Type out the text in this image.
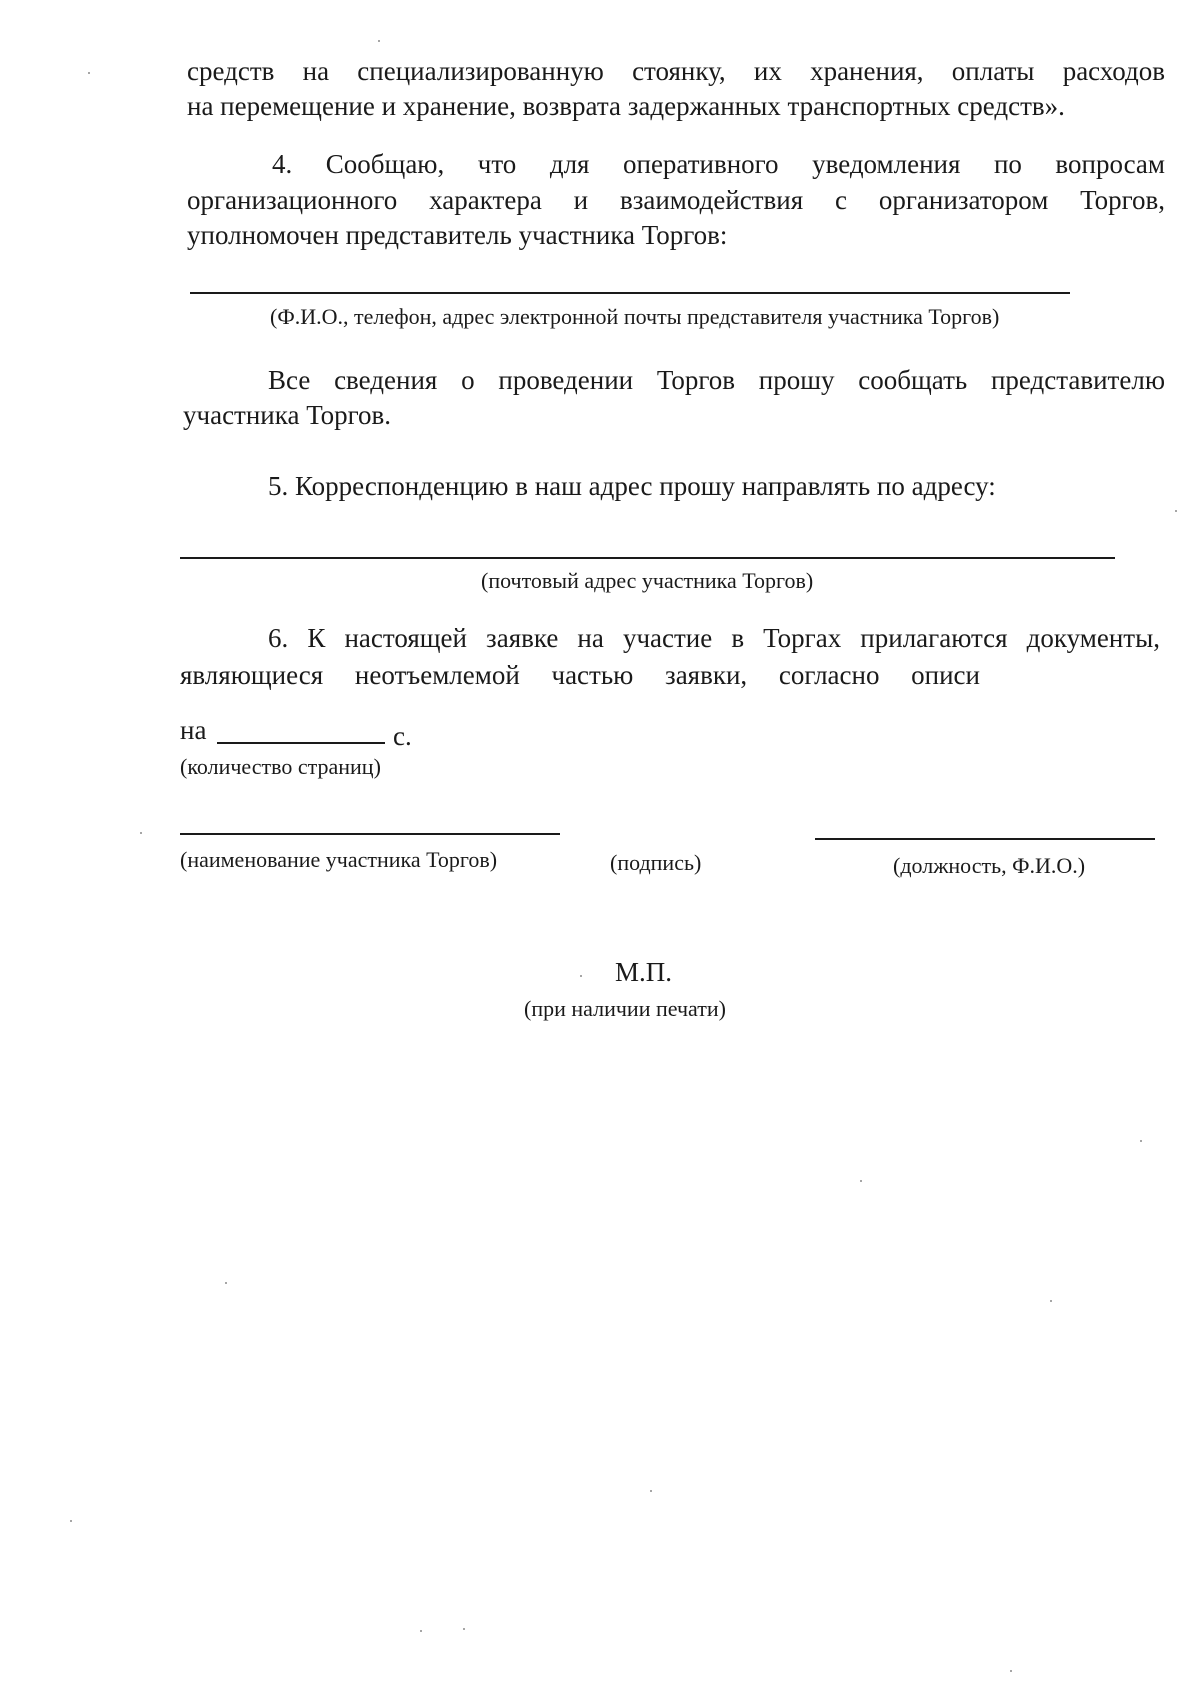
средств на специализированную стоянку, их хранения, оплаты расходов
на перемещение и хранение, возврата задержанных транспортных средств».
4. Сообщаю, что для оперативного уведомления по вопросам
организационного характера и взаимодействия с организатором Торгов,
уполномочен представитель участника Торгов:
(Ф.И.О., телефон, адрес электронной почты представителя участника Торгов)
Все сведения о проведении Торгов прошу сообщать представителю
участника Торгов.
5. Корреспонденцию в наш адрес прошу направлять по адресу:
(почтовый адрес участника Торгов)
6. К настоящей заявке на участие в Торгах прилагаются документы,
являющиеся неотъемлемой частью заявки, согласно описи
на	с.
(количество страниц)
(наименование участника Торгов)	(подпись)	(должность, Ф.И.О.)
М.П.
(при наличии печати)
